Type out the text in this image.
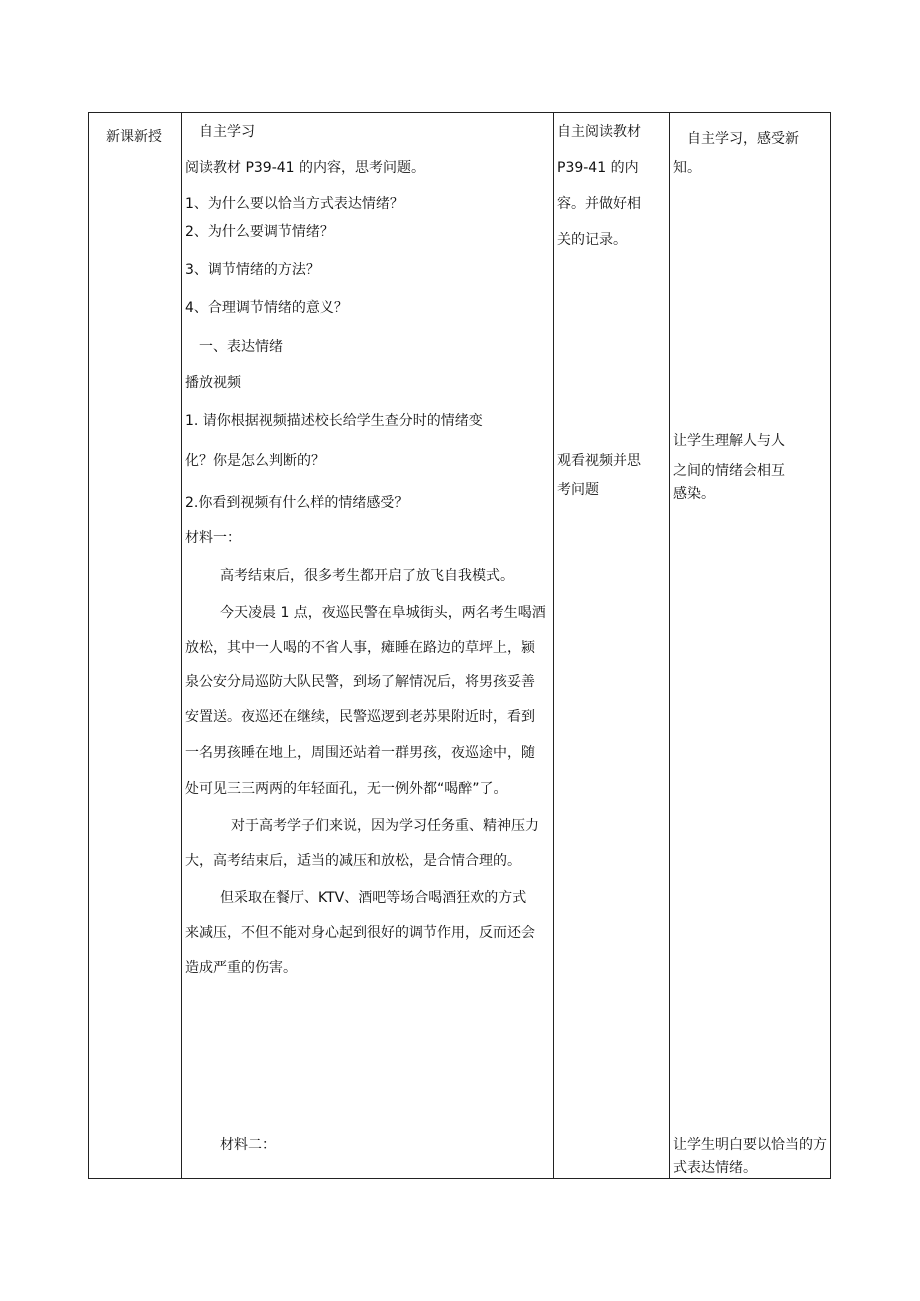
新课新授	自主学习
阅读教材 P39-41 的内容，思考问题。
1、为什么要以恰当方式表达情绪？
2、为什么要调节情绪？
3、调节情绪的方法？
4、合理调节情绪的意义？
一、表达情绪
播放视频
1. 请你根据视频描述校长给学生查分时的情绪变
化？你是怎么判断的？
2.你看到视频有什么样的情绪感受？
材料一：
高考结束后，很多考生都开启了放飞自我模式。
今天凌晨 1 点，夜巡民警在阜城街头，两名考生喝酒
放松，其中一人喝的不省人事，瘫睡在路边的草坪上，颍
泉公安分局巡防大队民警，到场了解情况后，将男孩妥善
安置送。夜巡还在继续，民警巡逻到老苏果附近时，看到
一名男孩睡在地上，周围还站着一群男孩，夜巡途中，随
处可见三三两两的年轻面孔，无一例外都“喝醉”了。
对于高考学子们来说，因为学习任务重、精神压力
大，高考结束后，适当的减压和放松，是合情合理的。
但采取在餐厅、KTV、酒吧等场合喝酒狂欢的方式
来减压，不但不能对身心起到很好的调节作用，反而还会
造成严重的伤害。
材料二：
自主阅读教材
P39-41 的内
容。并做好相
关的记录。
观看视频并思
考问题
自主学习，感受新
知。
让学生理解人与人
之间的情绪会相互
感染。
让学生明白要以恰当的方
式表达情绪。
